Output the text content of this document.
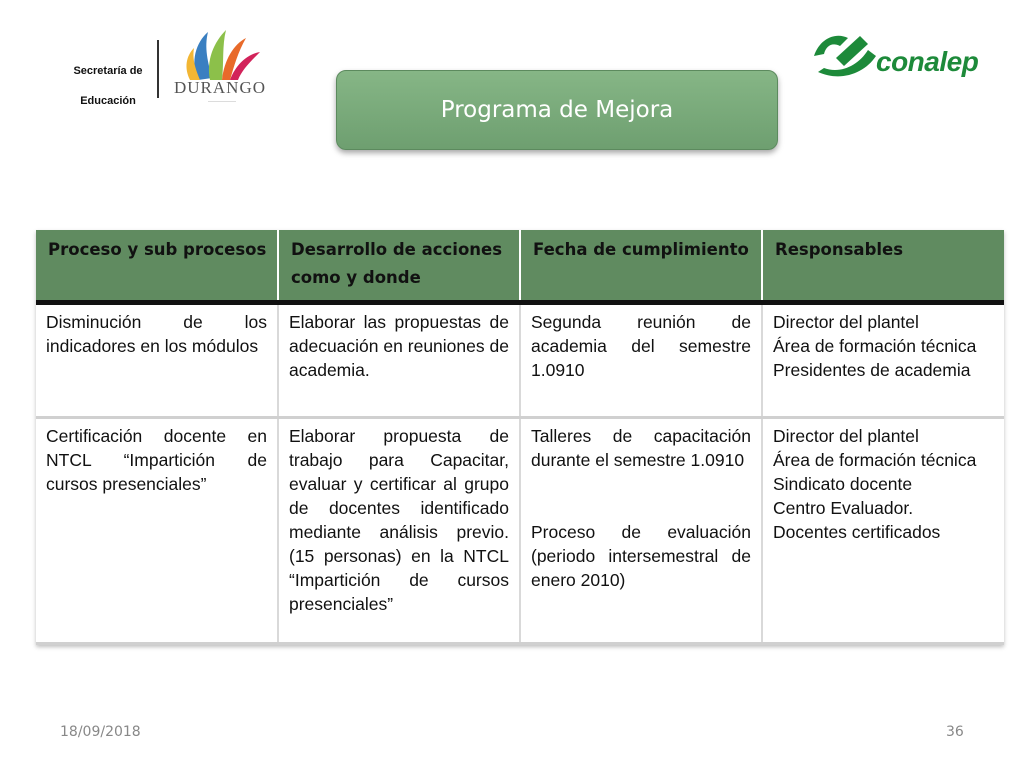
Secretaría de
Educación
DURANGO
———————
conalep
Programa de Mejora
Proceso y sub procesos	Desarrollo de acciones como y donde	Fecha de cumplimiento	Responsables
Disminución de los indicadores en los módulos	Elaborar las propuestas de adecuación en reuniones de academia.	Segunda reunión de academia del semestre 1.0910	Director del plantel
Área de formación técnica
Presidentes de academia

Certificación docente en NTCL “Impartición de cursos presenciales”	Elaborar propuesta de trabajo para Capacitar, evaluar y certificar al grupo de docentes identificado mediante análisis previo. (15 personas) en la NTCL “Impartición de cursos presenciales”	Talleres de capacitación durante el semestre 1.0910
Proceso de evaluación (periodo intersemestral de enero 2010)	Director del plantel
Área de formación técnica
Sindicato docente
Centro Evaluador.
Docentes certificados
18/09/2018	36
